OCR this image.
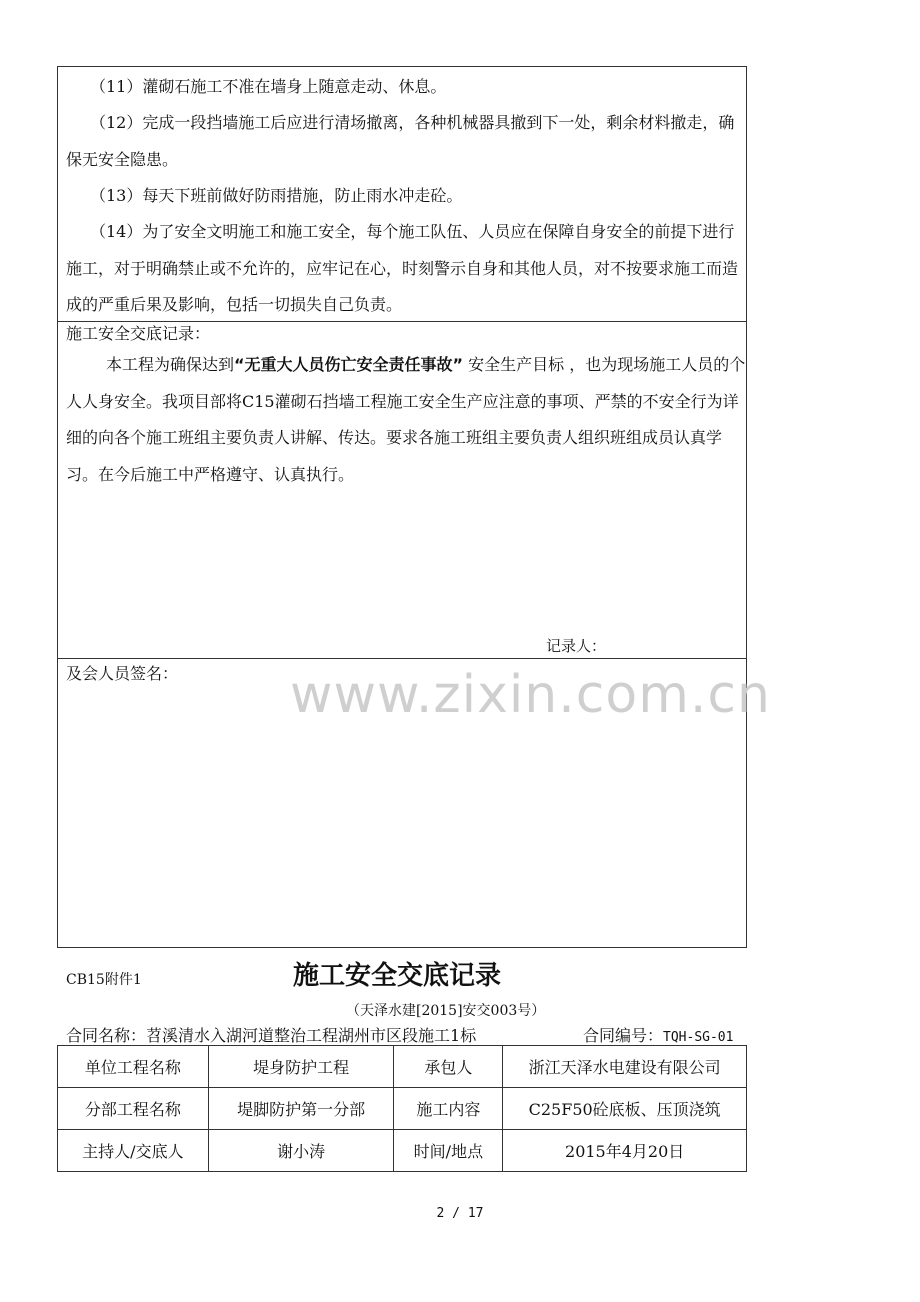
（11）灌砌石施工不准在墙身上随意走动、休息。
（12）完成一段挡墙施工后应进行清场撤离，各种机械器具撤到下一处，剩余材料撤走，确保无安全隐患。
（13）每天下班前做好防雨措施，防止雨水冲走砼。
（14）为了安全文明施工和施工安全，每个施工队伍、人员应在保障自身安全的前提下进行施工，对于明确禁止或不允许的，应牢记在心，时刻警示自身和其他人员，对不按要求施工而造成的严重后果及影响，包括一切损失自己负责。
施工安全交底记录：
本工程为确保达到“无重大人员伤亡安全责任事故” 安全生产目标 ，也为现场施工人员的个人人身安全。我项目部将C15灌砌石挡墙工程施工安全生产应注意的事项、严禁的不安全行为详细的向各个施工班组主要负责人讲解、传达。要求各施工班组主要负责人组织班组成员认真学习。在今后施工中严格遵守、认真执行。
www.zixin.com.cn
记录人：
及会人员签名：
CB15附件1	施工安全交底记录
（天泽水建[2015]安交003号）
合同名称：苕溪清水入湖河道整治工程湖州市区段施工1标	合同编号：TQH-SG-01
单位工程名称	堤身防护工程	承包人	浙江天泽水电建设有限公司
分部工程名称	堤脚防护第一分部	施工内容	C25F50砼底板、压顶浇筑
主持人/交底人	谢小涛	时间/地点	2015年4月20日
2 / 17
